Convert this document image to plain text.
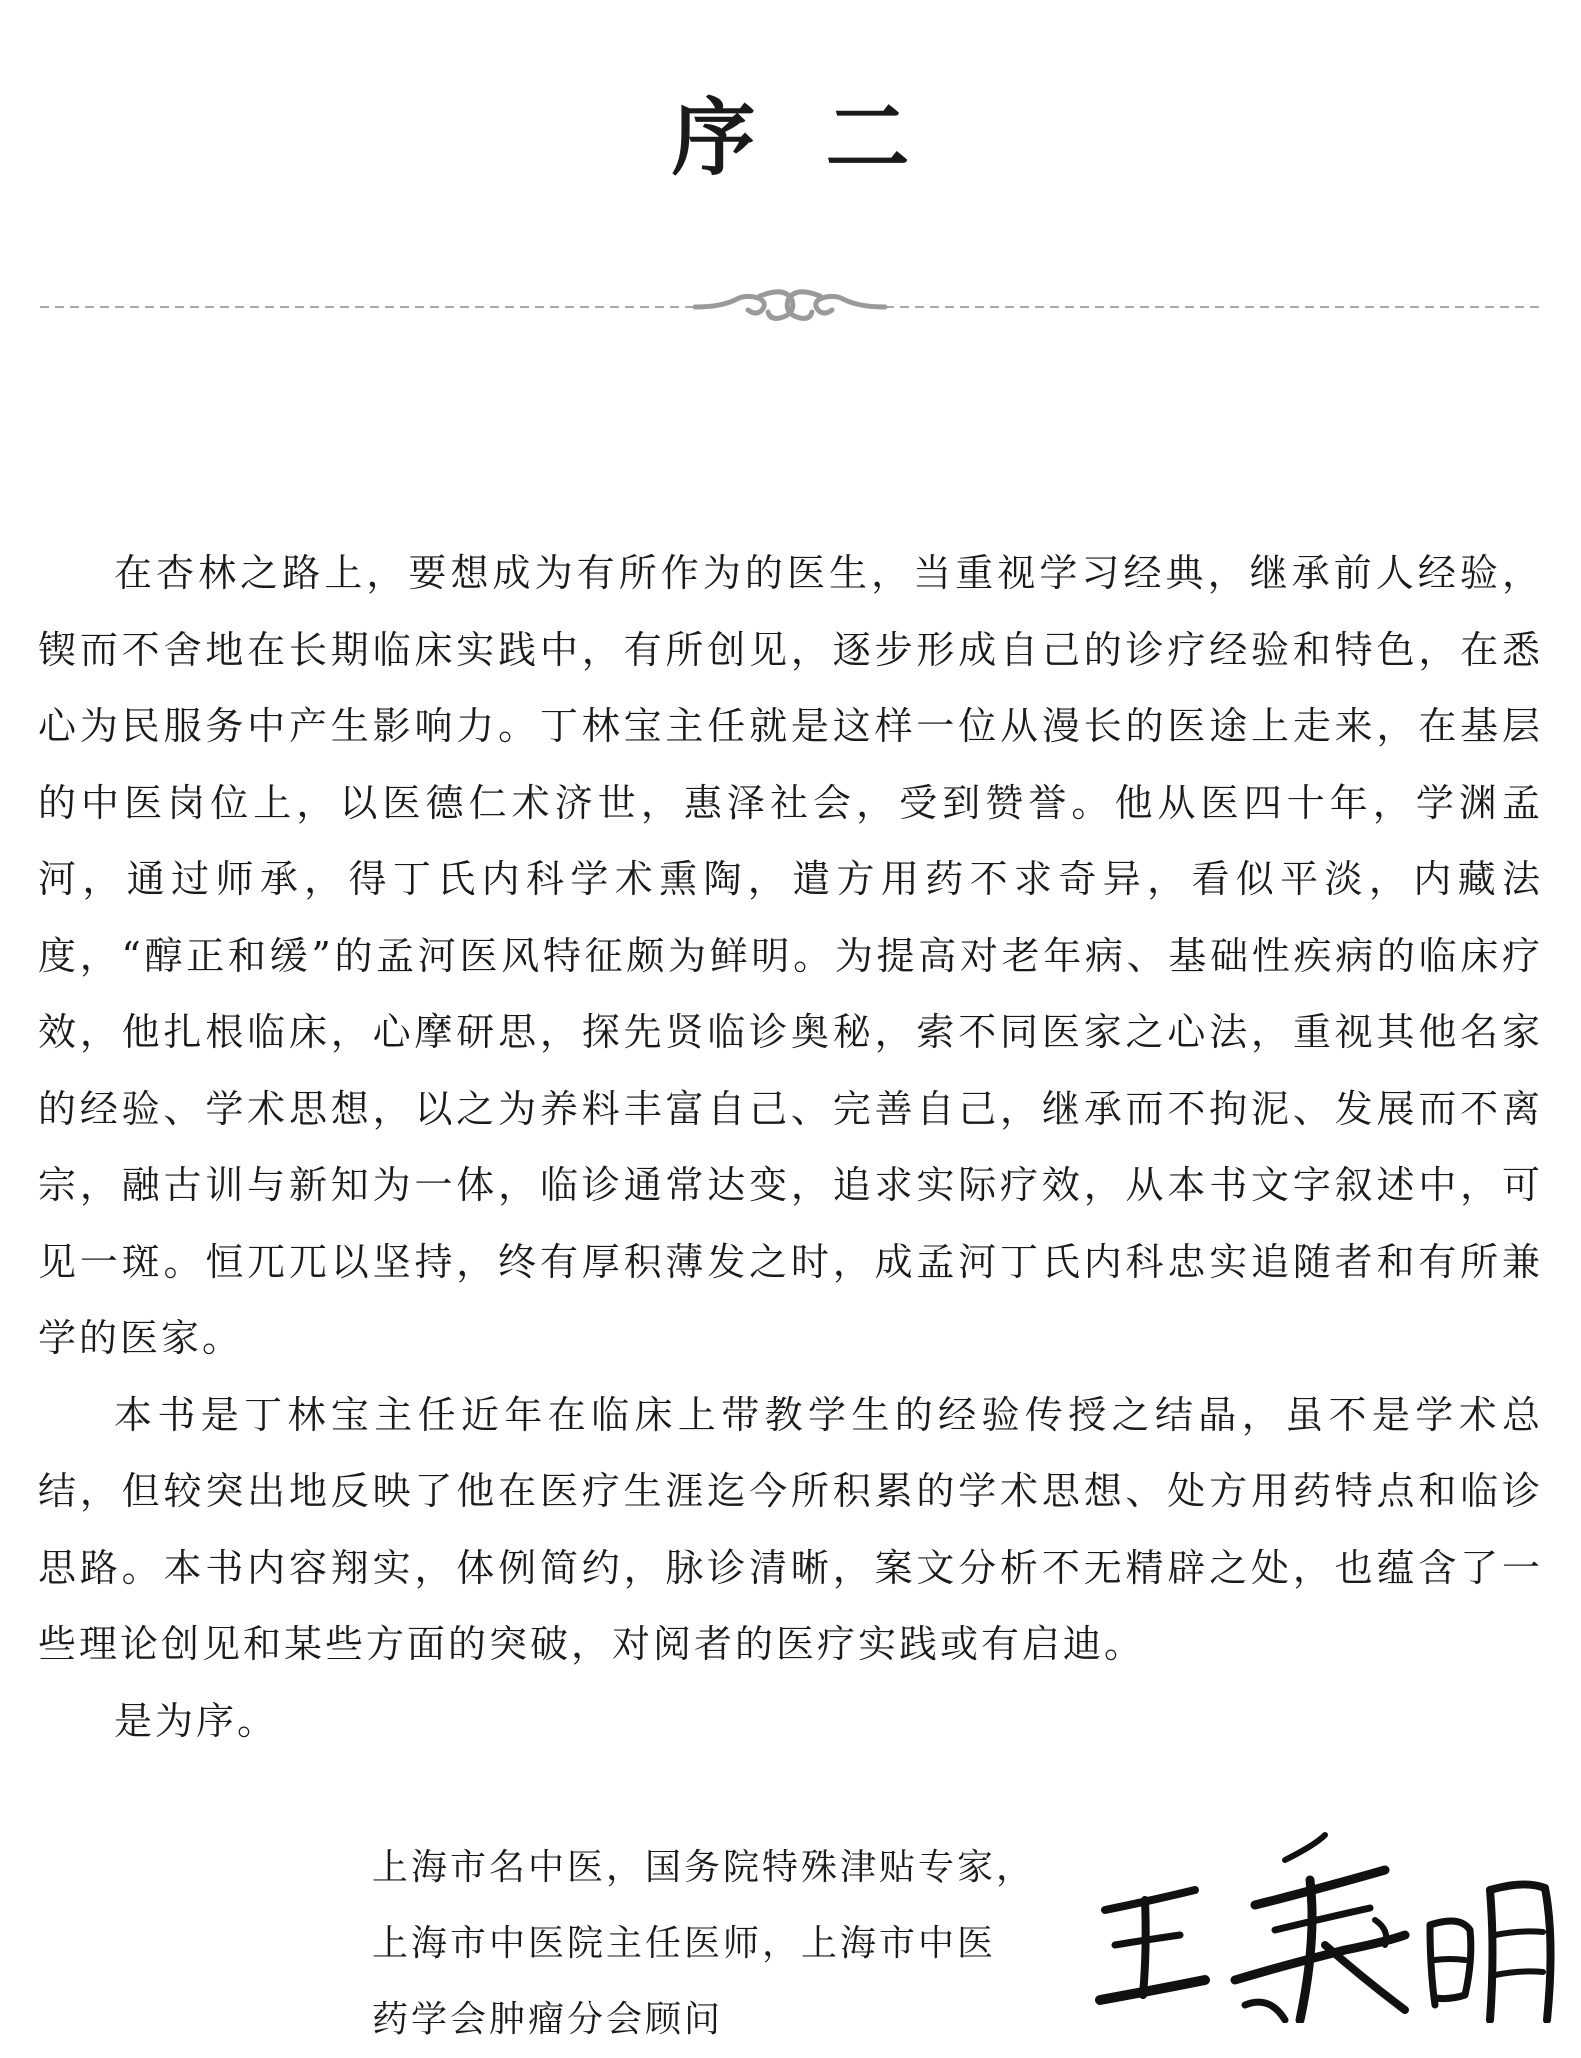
序二

在杏林之路上，要想成为有所作为的医生，当重视学习经典，继承前人经验，锲而不舍地在长期临床实践中，有所创见，逐步形成自己的诊疗经验和特色，在悉心为民服务中产生影响力。丁林宝主任就是这样一位从漫长的医途上走来，在基层的中医岗位上，以医德仁术济世，惠泽社会，受到赞誉。他从医四十年，学渊孟河，通过师承，得丁氏内科学术熏陶，遣方用药不求奇异，看似平淡，内藏法度，“醇正和缓”的孟河医风特征颇为鲜明。为提高对老年病、基础性疾病的临床疗效，他扎根临床，心摩研思，探先贤临诊奥秘，索不同医家之心法，重视其他名家的经验、学术思想，以之为养料丰富自己、完善自己，继承而不拘泥、发展而不离宗，融古训与新知为一体，临诊通常达变，追求实际疗效，从本书文字叙述中，可见一斑。恒兀兀以坚持，终有厚积薄发之时，成孟河丁氏内科忠实追随者和有所兼学的医家。

本书是丁林宝主任近年在临床上带教学生的经验传授之结晶，虽不是学术总结，但较突出地反映了他在医疗生涯迄今所积累的学术思想、处方用药特点和临诊思路。本书内容翔实，体例简约，脉诊清晰，案文分析不无精辟之处，也蕴含了一些理论创见和某些方面的突破，对阅者的医疗实践或有启迪。

是为序。

上海市名中医，国务院特殊津贴专家，
上海市中医院主任医师，上海市中医
药学会肿瘤分会顾问
